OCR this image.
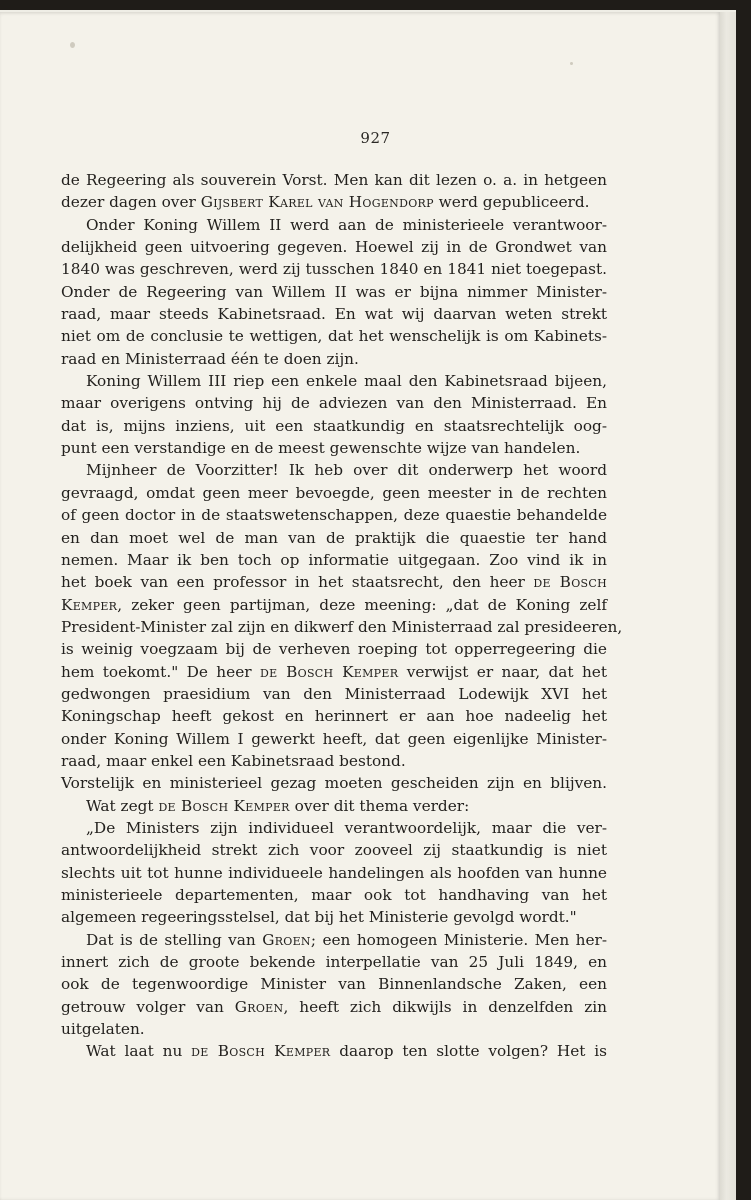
927
de Regeering als souverein Vorst. Men kan dit lezen o. a. in hetgeen
dezer dagen over Gijsbert Karel van Hogendorp werd gepubliceerd.
Onder Koning Willem II werd aan de ministerieele verantwoor-
delijkheid geen uitvoering gegeven. Hoewel zij in de Grondwet van
1840 was geschreven, werd zij tusschen 1840 en 1841 niet toegepast.
Onder de Regeering van Willem II was er bijna nimmer Minister-
raad, maar steeds Kabinetsraad. En wat wij daarvan weten strekt
niet om de conclusie te wettigen, dat het wenschelijk is om Kabinets-
raad en Ministerraad één te doen zijn.
Koning Willem III riep een enkele maal den Kabinetsraad bijeen,
maar overigens ontving hij de adviezen van den Ministerraad. En
dat is, mijns inziens, uit een staatkundig en staatsrechtelijk oog-
punt een verstandige en de meest gewenschte wijze van handelen.
Mijnheer de Voorzitter! Ik heb over dit onderwerp het woord
gevraagd, omdat geen meer bevoegde, geen meester in de rechten
of geen doctor in de staatswetenschappen, deze quaestie behandelde
en dan moet wel de man van de praktijk die quaestie ter hand
nemen. Maar ik ben toch op informatie uitgegaan. Zoo vind ik in
het boek van een professor in het staatsrecht, den heer de Bosch
Kemper, zeker geen partijman, deze meening: „dat de Koning zelf
President-Minister zal zijn en dikwerf den Ministerraad zal presideeren,
is weinig voegzaam bij de verheven roeping tot opperregeering die
hem toekomt." De heer de Bosch Kemper verwijst er naar, dat het
gedwongen praesidium van den Ministerraad Lodewijk XVI het
Koningschap heeft gekost en herinnert er aan hoe nadeelig het
onder Koning Willem I gewerkt heeft, dat geen eigenlijke Minister-
raad, maar enkel een Kabinetsraad bestond.
Vorstelijk en ministerieel gezag moeten gescheiden zijn en blijven.
Wat zegt de Bosch Kemper over dit thema verder:
„De Ministers zijn individueel verantwoordelijk, maar die ver-
antwoordelijkheid strekt zich voor zooveel zij staatkundig is niet
slechts uit tot hunne individueele handelingen als hoofden van hunne
ministerieele departementen, maar ook tot handhaving van het
algemeen regeeringsstelsel, dat bij het Ministerie gevolgd wordt."
Dat is de stelling van Groen; een homogeen Ministerie. Men her-
innert zich de groote bekende interpellatie van 25 Juli 1849, en
ook de tegenwoordige Minister van Binnenlandsche Zaken, een
getrouw volger van Groen, heeft zich dikwijls in denzelfden zin
uitgelaten.
Wat laat nu de Bosch Kemper daarop ten slotte volgen? Het is
